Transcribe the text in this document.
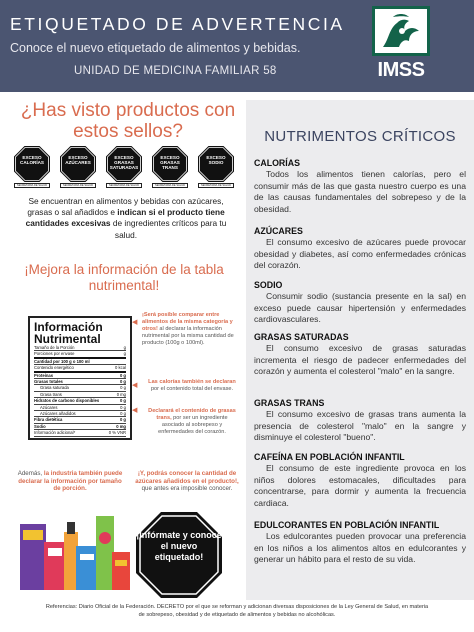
ETIQUETADO DE ADVERTENCIA
Conoce el nuevo etiquetado de alimentos y bebidas.
UNIDAD DE MEDICINA FAMILIAR 58	IMSS
¿Has visto productos con estos sellos?
EXCESO
CALORÍAS
SECRETARÍA DE SALUD
EXCESO
AZÚCARES
SECRETARÍA DE SALUD
EXCESO
GRASAS
SATURADAS
SECRETARÍA DE SALUD
EXCESO
GRASAS
TRANS
SECRETARÍA DE SALUD
EXCESO
SODIO
SECRETARÍA DE SALUD
Se encuentran en alimentos y bebidas con azúcares, grasas o sal añadidos e indican si el producto tiene cantidades excesivas de ingredientes críticos para tu salud.
¡Mejora la información de la tabla nutrimental!
Información Nutrimental
Tamaño de la Porción	g
Porciones por envase	g
Cantidad por 100 g o 100 ml
Contenido energético	0 kcal
Proteínas	0 g
Grasas totales	0 g
Grasa saturada	0 g
Grasa trans	0 mg
Hidratos de carbono disponibles	0 g
Azúcares	0 g
Azúcares añadidos	0 g
Fibra dietética	0 g
Sodio	0 mg
Información adicional*	0 % VNR
◀
¡Será posible comparar entre alimentos de la misma categoría y otros! al declarar la información nutrimental por la misma cantidad de producto (100g o 100ml).
◀	Las calorías también se declaran por el contenido total del envase.
◀	Declarará el contenido de grasas trans, por ser un ingrediente asociado al sobrepeso y enfermedades del corazón.
Además, la industria también puede declarar la información por tamaño de porción.
¡Y, podrás conocer la cantidad de azúcares añadidos en el producto!, que antes era imposible conocer.
¡Infórmate y conoce el nuevo etiquetado!
NUTRIMENTOS CRÍTICOS
CALORÍAS

Todos los alimentos tienen calorías, pero el consumir más de las que gasta nuestro cuerpo es una de las causas fundamentales del sobrepeso y de la obesidad.

AZÚCARES

El consumo excesivo de azúcares puede provocar obesidad y diabetes, así como enfermedades crónicas del corazón.

SODIO

Consumir sodio (sustancia presente en la sal) en exceso puede causar hipertensión y enfermedades cardiovasculares.

GRASAS SATURADAS

El consumo excesivo de grasas saturadas incrementa el riesgo de padecer enfermedades del corazón y aumenta el colesterol "malo" en la sangre.

GRASAS TRANS

El consumo excesivo de grasas trans aumenta la presencia de colesterol "malo" en la sangre y disminuye el colesterol "bueno".

CAFEÍNA EN POBLACIÓN INFANTIL

El consumo de este ingrediente provoca en los niños dolores estomacales, dificultades para concentrarse, para dormir y aumenta la frecuencia cardiaca.

EDULCORANTES EN POBLACIÓN INFANTIL

Los edulcorantes pueden provocar una preferencia en los niños a los alimentos altos en edulcorantes y generar un hábito para el resto de su vida.

Referencias: Diario Oficial de la Federación. DECRETO por el que se reforman y adicionan diversas disposiciones de la Ley General de Salud, en materia de sobrepeso, obesidad y de etiquetado de alimentos y bebidas no alcohólicas.
